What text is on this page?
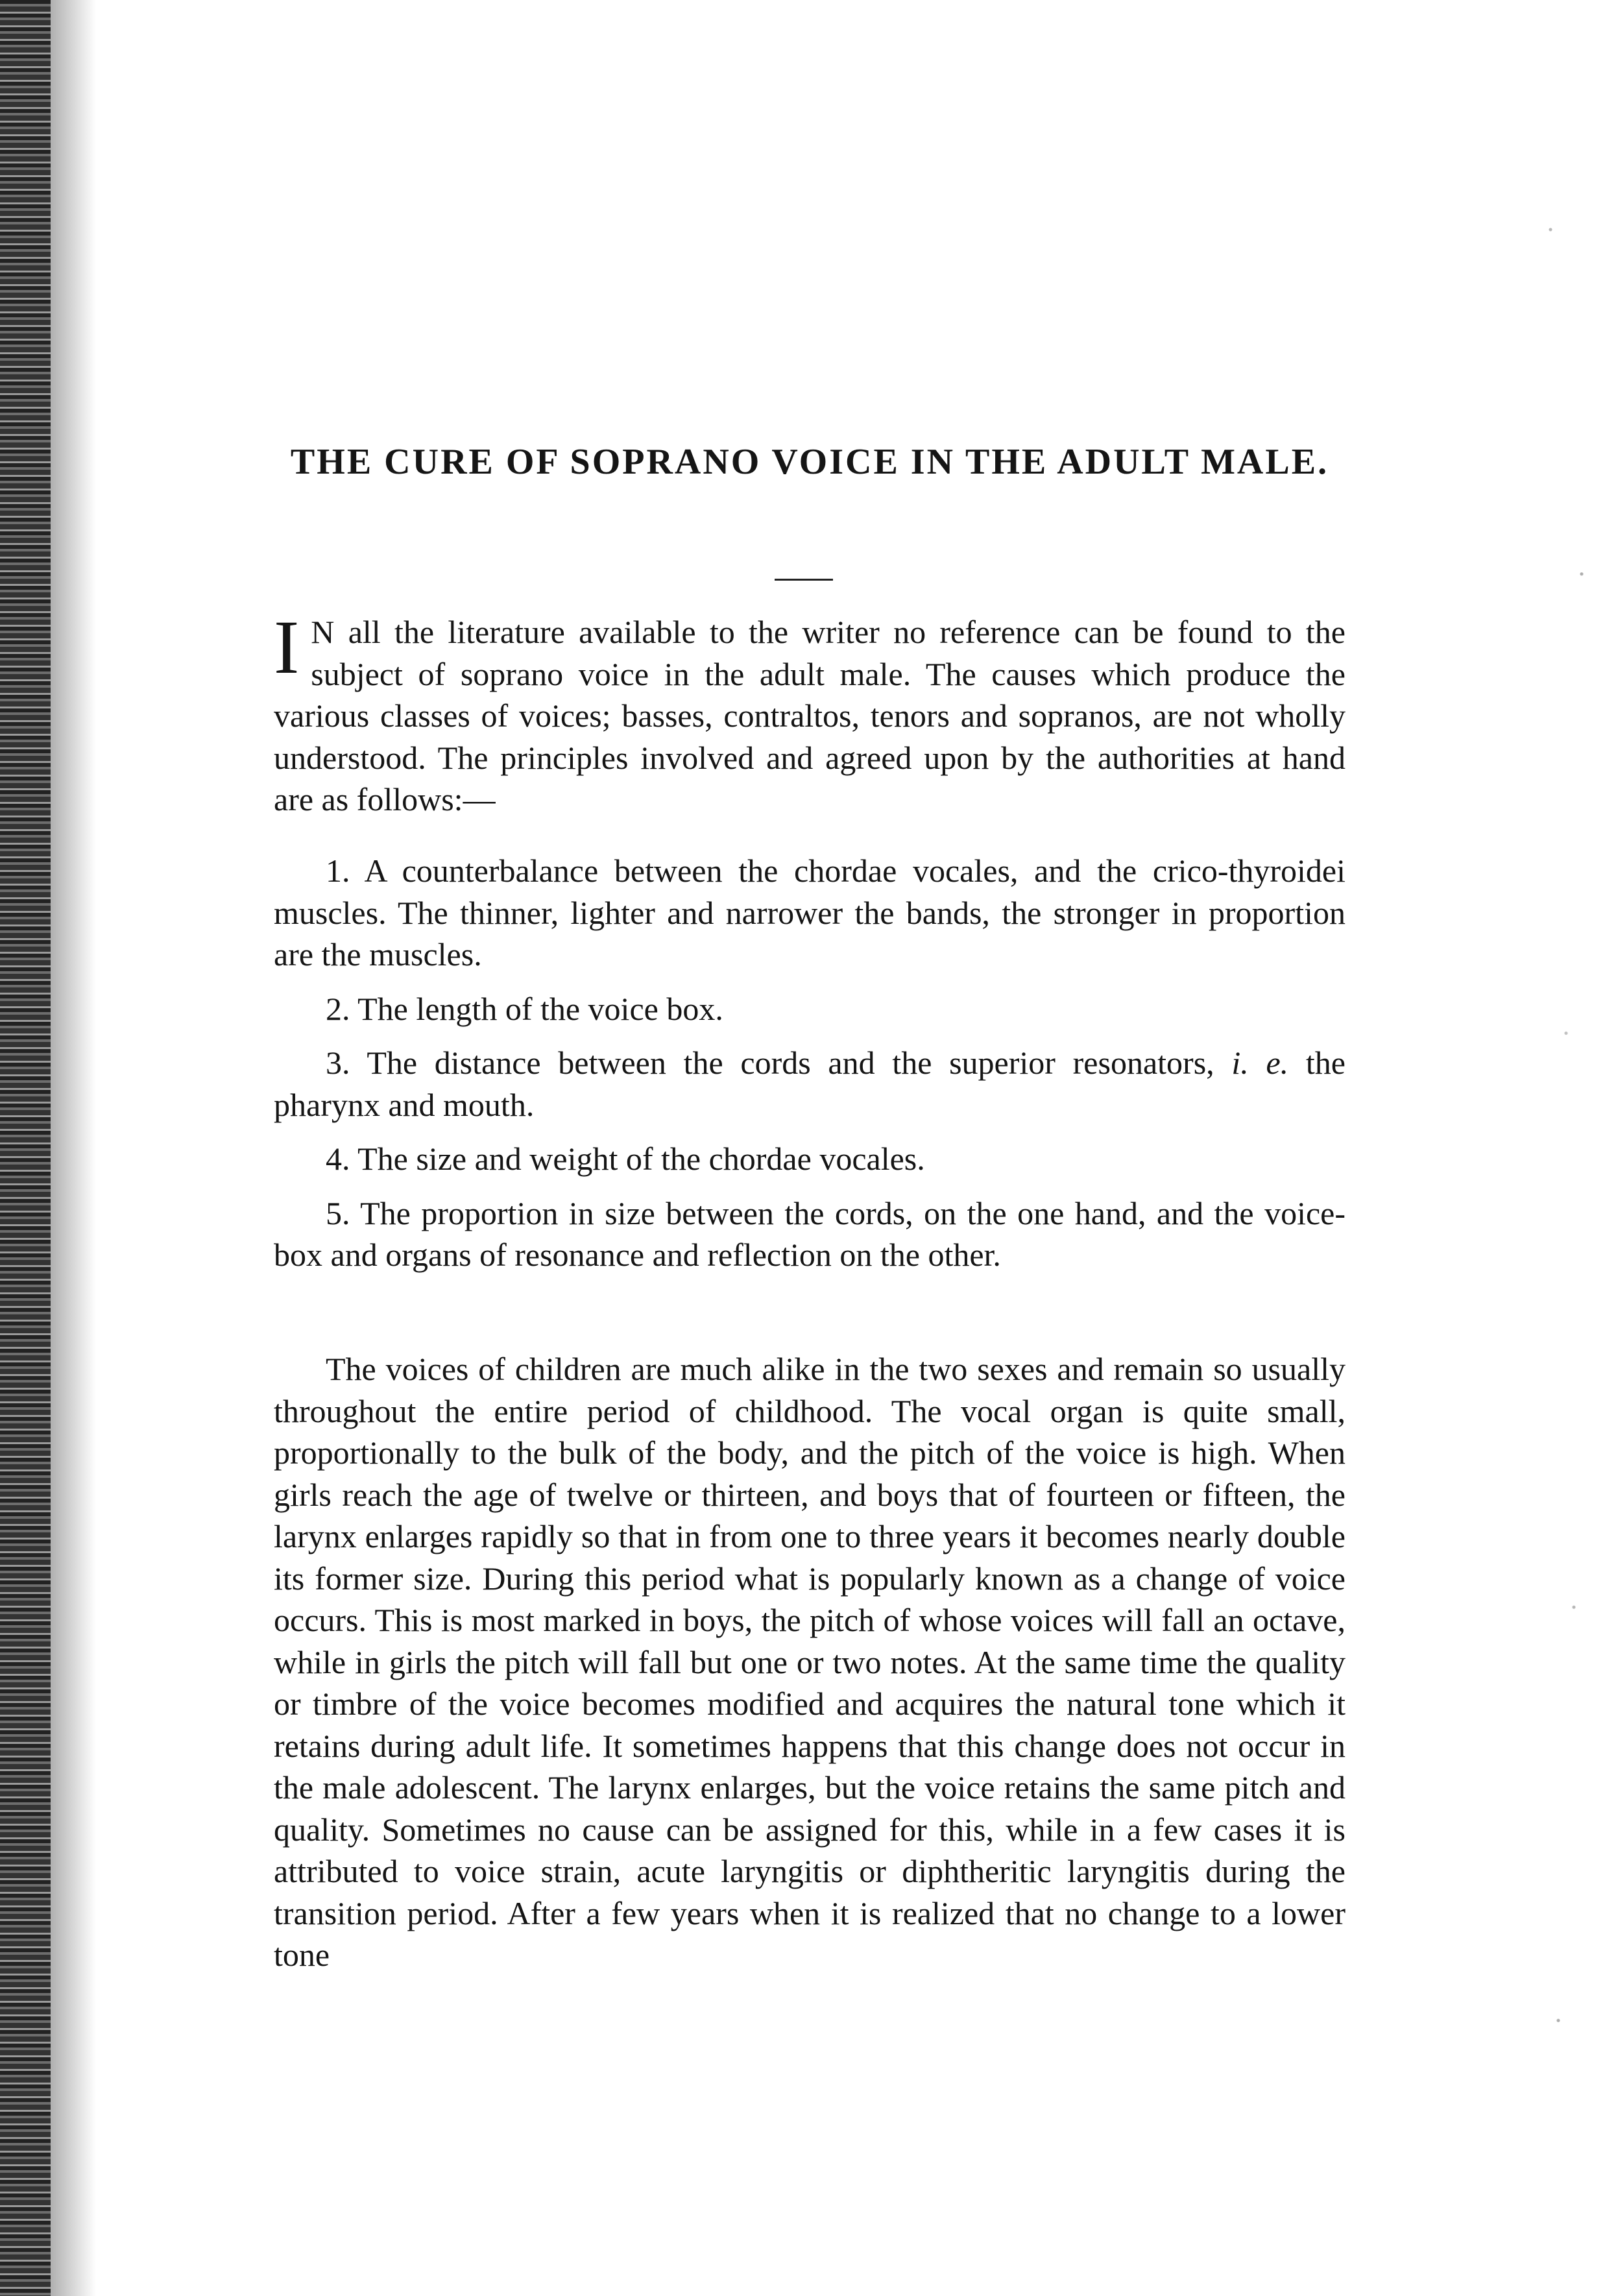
THE CURE OF SOPRANO VOICE IN THE ADULT MALE.

I N all the literature available to the writer no reference can be found to the subject of soprano voice in the adult male. The causes which produce the various classes of voices; basses, contraltos, tenors and sopranos, are not wholly understood. The principles involved and agreed upon by the authorities at hand are as follows:—

1. A counterbalance between the chordae vocales, and the crico-thyroidei muscles. The thinner, lighter and narrower the bands, the stronger in proportion are the muscles.
2. The length of the voice box.
3. The distance between the cords and the superior resonators, i. e. the pharynx and mouth.
4. The size and weight of the chordae vocales.
5. The proportion in size between the cords, on the one hand, and the voice-box and organs of resonance and reflection on the other.

The voices of children are much alike in the two sexes and remain so usually throughout the entire period of childhood. The vocal organ is quite small, proportionally to the bulk of the body, and the pitch of the voice is high. When girls reach the age of twelve or thirteen, and boys that of fourteen or fifteen, the larynx enlarges rapidly so that in from one to three years it becomes nearly double its former size. During this period what is popularly known as a change of voice occurs. This is most marked in boys, the pitch of whose voices will fall an octave, while in girls the pitch will fall but one or two notes. At the same time the quality or timbre of the voice becomes modified and acquires the natural tone which it retains during adult life. It sometimes happens that this change does not occur in the male adolescent. The larynx enlarges, but the voice retains the same pitch and quality. Sometimes no cause can be assigned for this, while in a few cases it is attributed to voice strain, acute laryngitis or diphtheritic laryngitis during the transition period. After a few years when it is realized that no change to a lower tone
